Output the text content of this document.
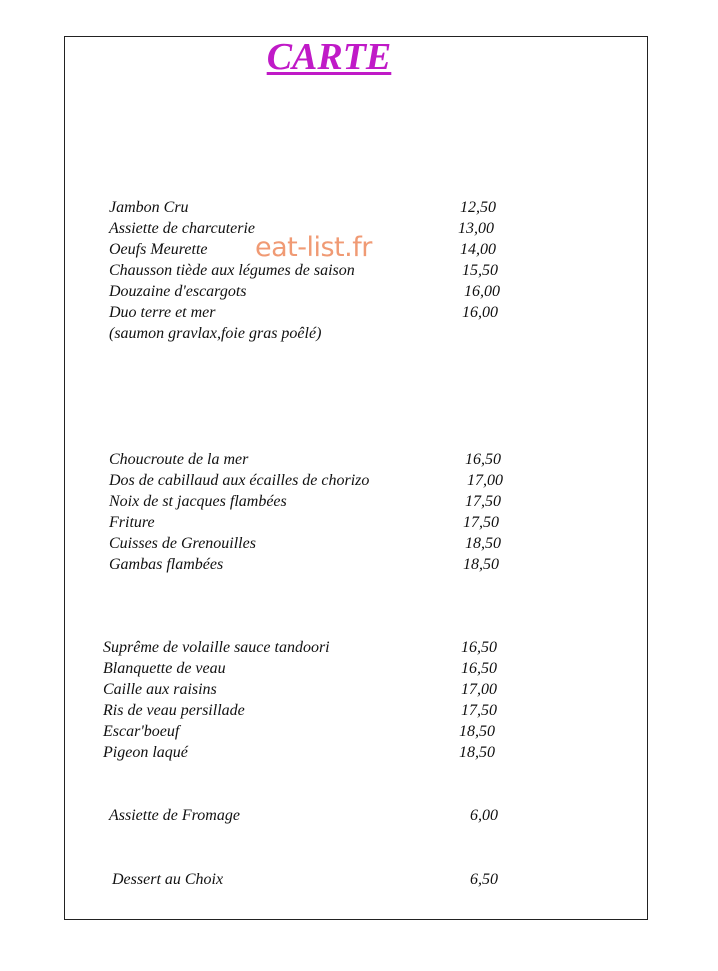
CARTE
eat-list.fr
Jambon Cru	12,50
Assiette de charcuterie	13,00
Oeufs Meurette	14,00
Chausson tiède aux légumes de saison	15,50
Douzaine d'escargots	16,00
Duo terre et mer	16,00
(saumon gravlax,foie gras poêlé)
Choucroute de la mer	16,50
Dos de cabillaud aux écailles de chorizo	17,00
Noix de st jacques flambées	17,50
Friture	17,50
Cuisses de Grenouilles	18,50
Gambas flambées	18,50
Suprême de volaille sauce tandoori	16,50
Blanquette de veau	16,50
Caille aux raisins	17,00
Ris de veau persillade	17,50
Escar'boeuf	18,50
Pigeon laqué	18,50
Assiette de Fromage	6,00
Dessert au Choix	6,50
